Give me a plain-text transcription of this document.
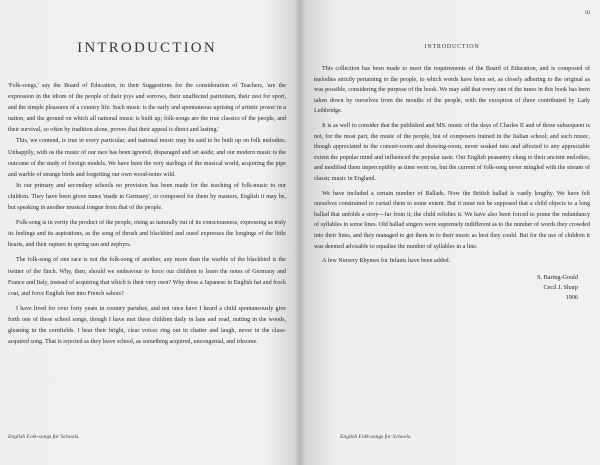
INTRODUCTION

'Folk-songs,' say the Board of Education, in their Suggestions for the consideration of Teachers, 'are the expression in the idiom of the people of their joys and sorrows, their unaffected patriotism, their zest for sport, and the simple pleasures of a country life. Such music is the early and spontaneous uprising of artistic power in a nation, and the ground on which all national music is built up; folk-songs are the true classics of the people, and their survival, so often by tradition alone, proves that their appeal is direct and lasting.'

This, we contend, is true in every particular, and national music may be said to be built up on folk melodies. Unhappily, with us the music of our race has been ignored, disparaged and set aside; and our modern music is the outcome of the study of foreign models. We have been the very starlings of the musical world, acquiring the pipe and warble of strange birds and forgetting our own wood-notes wild.

In our primary and secondary schools no provision has been made for the teaching of folk-music to our children. They have been given tunes 'made in Germany', or composed for them by masters, English it may be, but speaking in another musical tongue from that of the people.

Folk-song is in verity the product of the people, rising as naturally out of its consciousness, expressing as truly its feelings and its aspirations, as the song of thrush and blackbird and ousel expresses the longings of the little hearts, and their rapture in spring sun and zephyrs.

The folk-song of one race is not the folk-song of another, any more than the warble of the blackbird is the twitter of the finch. Why, then, should we endeavour to force our children to learn the notes of Germany and France and Italy, instead of acquiring that which is their very own? Why dress a Japanese in English hat and frock coat, and force English feet into French sabots?

I have lived for over forty years in country parishes, and not once have I heard a child spontaneously give forth one of these school songs, though I have met these children daily in lane and road, nutting in the woods, gleaning in the cornfields. I hear their bright, clear voices ring out in chatter and laugh, never in the class-acquired song. That is rejected as they leave school, as something acquired, uncongenial, and irksome.

English Folk-songs for Schools.
iii
INTRODUCTION

This collection has been made to meet the requirements of the Board of Education, and is composed of melodies strictly pertaining to the people, to which words have been set, as closely adhering to the original as was possible, considering the purpose of the book. We may add that every one of the tunes in this book has been taken down by ourselves from the mouths of the people, with the exception of three contributed by Lady Lethbridge.

It is as well to consider that the published and MS. music of the days of Charles II and of those subsequent is not, for the most part, the music of the people, but of composers trained in the Italian school; and such music, though appreciated in the concert-room and drawing-room, never soaked into and affected to any appreciable extent the popular mind and influenced the popular taste. Our English peasantry clung to their ancient melodies, and modified them imperceptibly as time went on, but the current of folk-song never mingled with the stream of classic music in England.

We have included a certain number of Ballads. Now the British ballad is vastly lengthy. We have felt ourselves constrained to curtail them to some extent. But it must not be supposed that a child objects to a long ballad that unfolds a story—far from it; the child relishes it. We have also been forced to prune the redundancy of syllables in some lines. Old ballad singers were supremely indifferent as to the number of words they crowded into their lines, and they managed to get them in to their music as best they could. But for the use of children it was deemed advisable to equalise the number of syllables in a line.

A few Nursery Rhymes for Infants have been added.

S. Baring-Gould
Cecil J. Sharp
1906
English Folk-songs for Schools.
